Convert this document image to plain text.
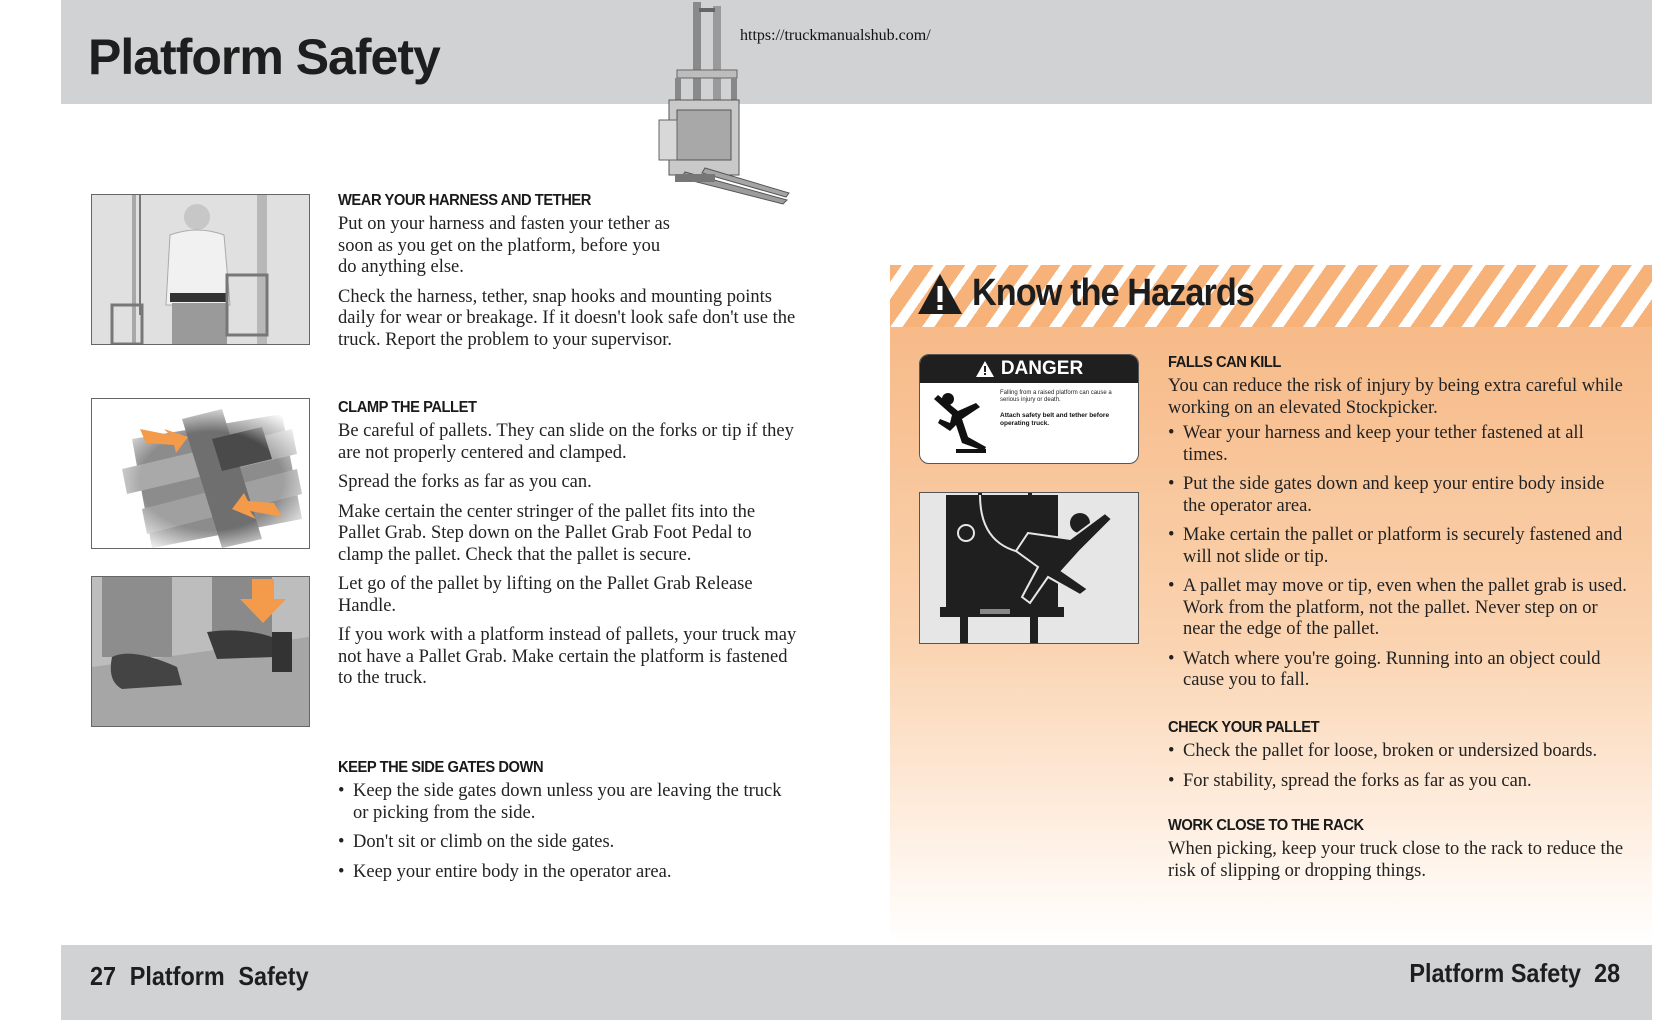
Platform Safety	https://truckmanualshub.com/
WEAR YOUR HARNESS AND TETHER

Put on your harness and fasten your tether as soon as you get on the platform, before you do anything else.

Check the harness, tether, snap hooks and mounting points daily for wear or breakage. If it doesn't look safe don't use the truck. Report the problem to your supervisor.

CLAMP THE PALLET

Be careful of pallets. They can slide on the forks or tip if they are not properly centered and clamped.

Spread the forks as far as you can.

Make certain the center stringer of the pallet fits into the Pallet Grab. Step down on the Pallet Grab Foot Pedal to clamp the pallet. Check that the pallet is secure.

Let go of the pallet by lifting on the Pallet Grab Release Handle.

If you work with a platform instead of pallets, your truck may not have a Pallet Grab. Make certain the platform is fastened to the truck.

KEEP THE SIDE GATES DOWN
• Keep the side gates down unless you are leaving the truck or picking from the side.
• Don't sit or climb on the side gates.
• Keep your entire body in the operator area.
Know the Hazards
DANGER
Falling from a raised platform can cause a serious injury or death.
Attach safety belt and tether before operating truck.
FALLS CAN KILL

You can reduce the risk of injury by being extra careful while working on an elevated Stockpicker.

• Wear your harness and keep your tether fastened at all times.
• Put the side gates down and keep your entire body inside the operator area.
• Make certain the pallet or platform is securely fastened and will not slide or tip.
• A pallet may move or tip, even when the pallet grab is used. Work from the platform, not the pallet. Never step on or near the edge of the pallet.
• Watch where you're going. Running into an object could cause you to fall.
CHECK YOUR PALLET
• Check the pallet for loose, broken or undersized boards.
• For stability, spread the forks as far as you can.
WORK CLOSE TO THE RACK

When picking, keep your truck close to the rack to reduce the risk of slipping or dropping things.

27 Platform Safety	Platform Safety 28
